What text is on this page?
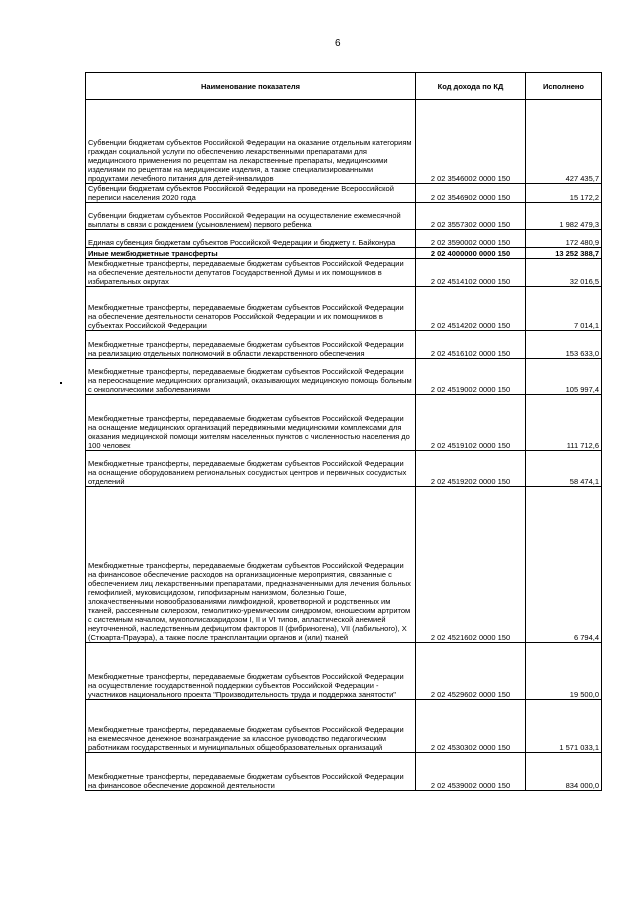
6
Наименование показателя	Код дохода по КД	Исполнено
Субвенции бюджетам субъектов Российской Федерации на оказание отдельным категориям граждан социальной услуги по обеспечению лекарственными препаратами для медицинского применения по рецептам на лекарственные препараты, медицинскими изделиями по рецептам на медицинские изделия, а также специализированными продуктами лечебного питания для детей-инвалидов	2 02 3546002 0000 150	427 435,7
Субвенции бюджетам субъектов Российской Федерации на проведение Всероссийской переписи населения 2020 года	2 02 3546902 0000 150	15 172,2
Субвенции бюджетам субъектов Российской Федерации на осуществление ежемесячной выплаты в связи с рождением (усыновлением) первого ребенка	2 02 3557302 0000 150	1 982 479,3
Единая субвенция бюджетам субъектов Российской Федерации и бюджету г. Байконура	2 02 3590002 0000 150	172 480,9
Иные межбюджетные трансферты	2 02 4000000 0000 150	13 252 388,7
Межбюджетные трансферты, передаваемые бюджетам субъектов Российской Федерации на обеспечение деятельности депутатов Государственной Думы и их помощников в избирательных округах	2 02 4514102 0000 150	32 016,5
Межбюджетные трансферты, передаваемые бюджетам субъектов Российской Федерации на обеспечение деятельности сенаторов Российской Федерации и их помощников в субъектах Российской Федерации	2 02 4514202 0000 150	7 014,1
Межбюджетные трансферты, передаваемые бюджетам субъектов Российской Федерации на реализацию отдельных полномочий в области лекарственного обеспечения	2 02 4516102 0000 150	153 633,0
Межбюджетные трансферты, передаваемые бюджетам субъектов Российской Федерации на переоснащение медицинских организаций, оказывающих медицинскую помощь больным с онкологическими заболеваниями	2 02 4519002 0000 150	105 997,4
Межбюджетные трансферты, передаваемые бюджетам субъектов Российской Федерации на оснащение медицинских организаций передвижными медицинскими комплексами для оказания медицинской помощи жителям населенных пунктов с численностью населения до 100 человек	2 02 4519102 0000 150	111 712,6
Межбюджетные трансферты, передаваемые бюджетам субъектов Российской Федерации на оснащение оборудованием региональных сосудистых центров и первичных сосудистых отделений	2 02 4519202 0000 150	58 474,1
Межбюджетные трансферты, передаваемые бюджетам субъектов Российской Федерации на финансовое обеспечение расходов на организационные мероприятия, связанные с обеспечением лиц лекарственными препаратами, предназначенными для лечения больных гемофилией, муковисцидозом, гипофизарным нанизмом, болезнью Гоше, злокачественными новообразованиями лимфоидной, кроветворной и родственных им тканей, рассеянным склерозом, гемолитико-уремическим синдромом, юношеским артритом с системным началом, мукополисахаридозом I, II и VI типов, апластической анемией неуточненной, наследственным дефицитом факторов II (фибриногена), VII (лабильного), X (Стюарта-Прауэра), а также после трансплантации органов и (или) тканей	2 02 4521602 0000 150	6 794,4
Межбюджетные трансферты, передаваемые бюджетам субъектов Российской Федерации на осуществление государственной поддержки субъектов Российской Федерации - участников национального проекта "Производительность труда и поддержка занятости"	2 02 4529602 0000 150	19 500,0
Межбюджетные трансферты, передаваемые бюджетам субъектов Российской Федерации на ежемесячное денежное вознаграждение за классное руководство педагогическим работникам государственных и муниципальных общеобразовательных организаций	2 02 4530302 0000 150	1 571 033,1
Межбюджетные трансферты, передаваемые бюджетам субъектов Российской Федерации на финансовое обеспечение дорожной деятельности	2 02 4539002 0000 150	834 000,0
